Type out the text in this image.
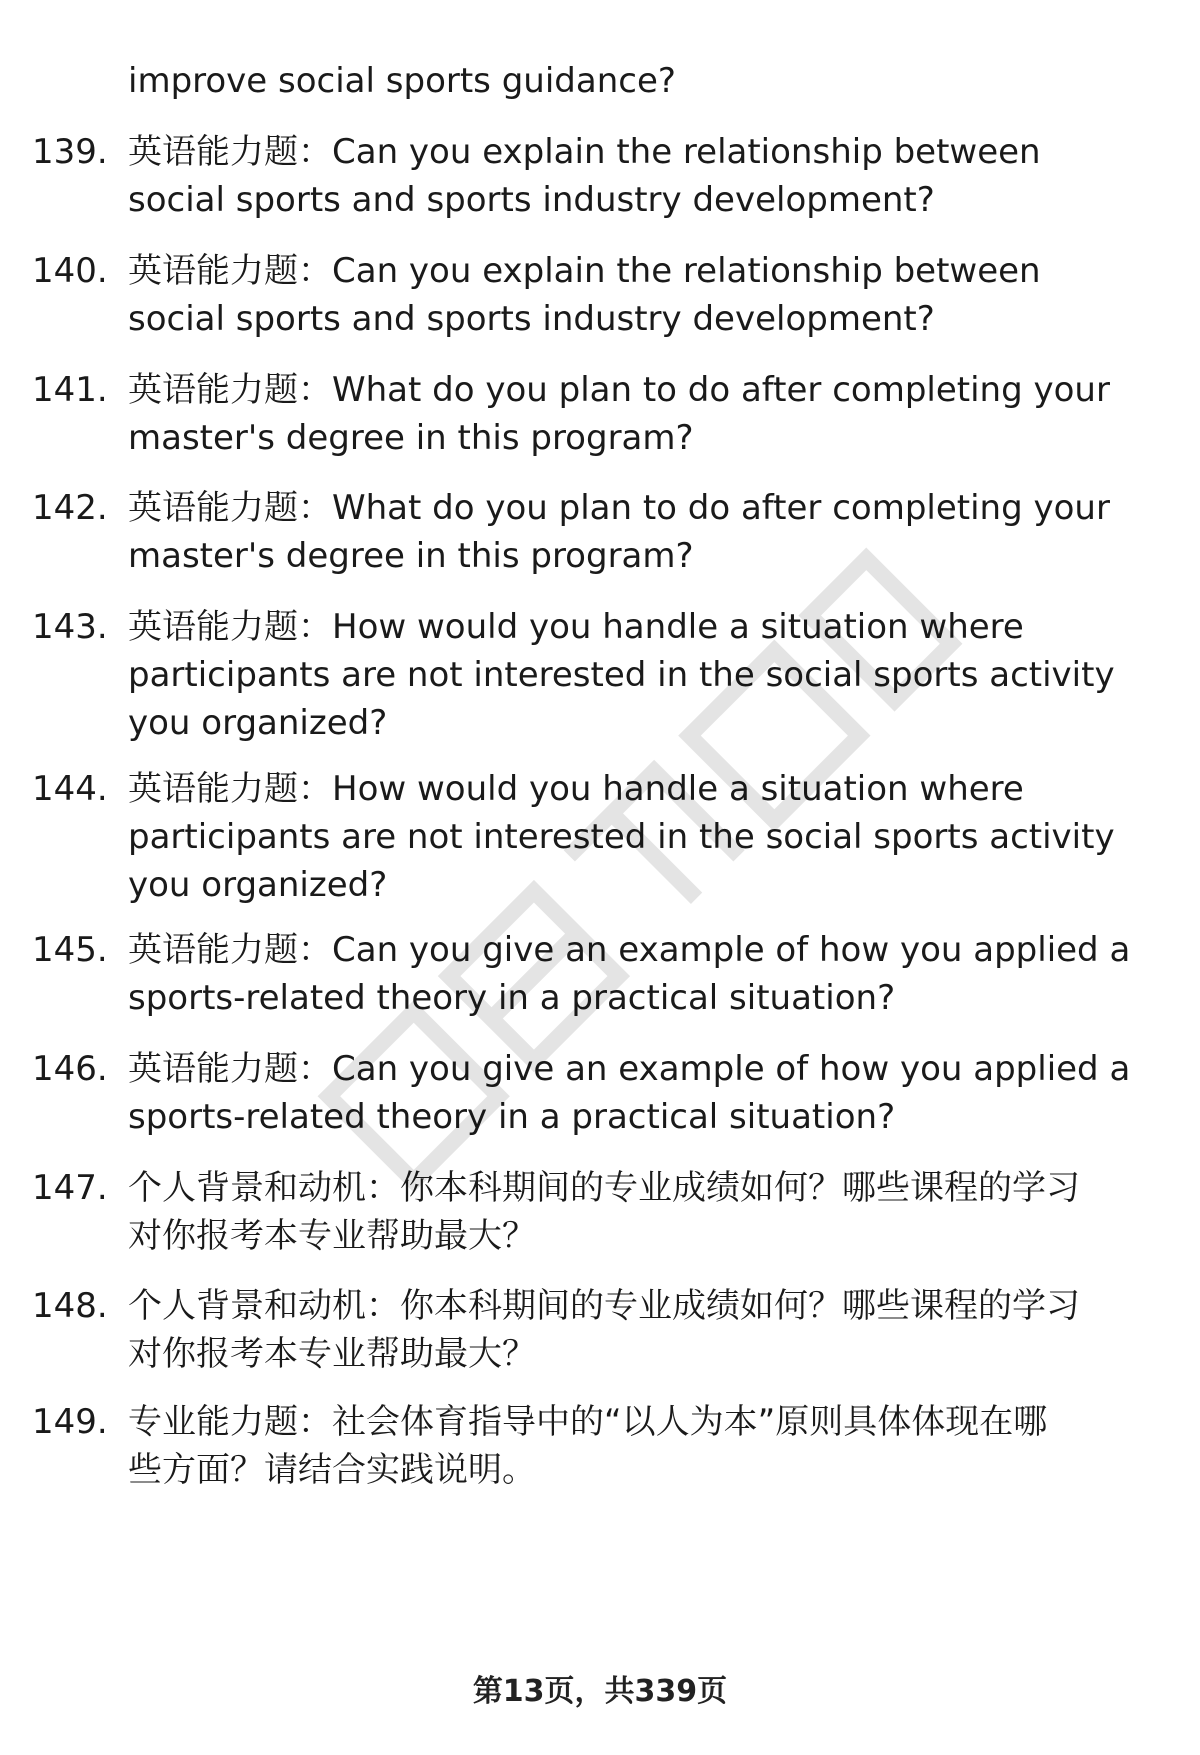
improve social sports guidance?
139. 英语能力题：Can you explain the relationship between
social sports and sports industry development?
140. 英语能力题：Can you explain the relationship between
social sports and sports industry development?
141. 英语能力题：What do you plan to do after completing your
master's degree in this program?
142. 英语能力题：What do you plan to do after completing your
master's degree in this program?
143. 英语能力题：How would you handle a situation where
participants are not interested in the social sports activity
you organized?
144. 英语能力题：How would you handle a situation where
participants are not interested in the social sports activity
you organized?
145. 英语能力题：Can you give an example of how you applied a
sports-related theory in a practical situation?
146. 英语能力题：Can you give an example of how you applied a
sports-related theory in a practical situation?
147. 个人背景和动机：你本科期间的专业成绩如何？哪些课程的学习
对你报考本专业帮助最大？
148. 个人背景和动机：你本科期间的专业成绩如何？哪些课程的学习
对你报考本专业帮助最大？
149. 专业能力题：社会体育指导中的“以人为本”原则具体体现在哪
些方面？请结合实践说明。
第13页，共339页
